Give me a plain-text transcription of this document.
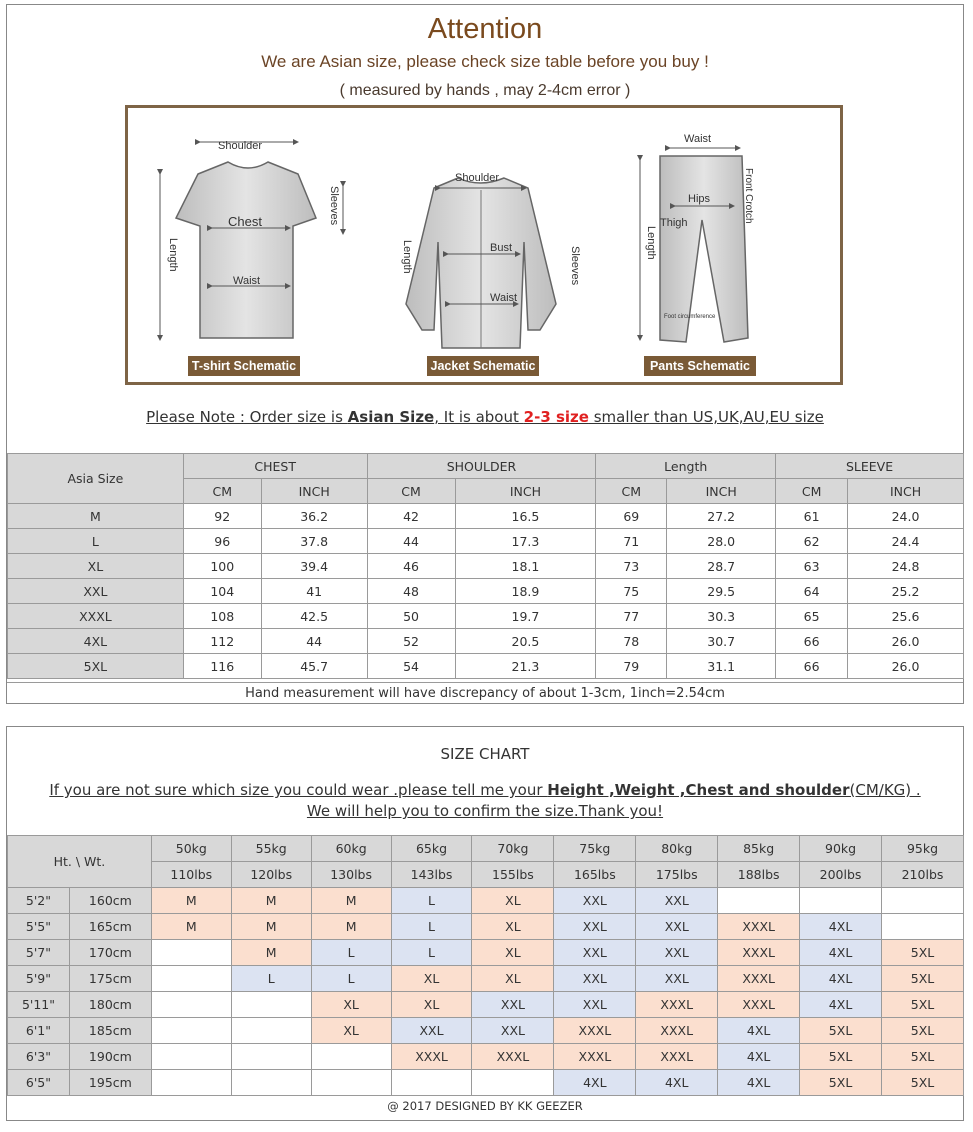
Attention
We are Asian size, please check size table before you buy !
( measured by hands , may 2-4cm error )
Shoulder
Chest
Waist
Length
Sleeves
T-shirt Schematic
Shoulder
Bust
Waist
Length	Sleeves
Jacket Schematic
Waist
Hips
Thigh
Length
Front Crotch
Foot circumference
Pants Schematic
Please Note : Order size is Asian Size, It is about 2-3 size smaller than US,UK,AU,EU size
Asia Size	CHEST		SHOULDER		Length		SLEEVE	
	CM	INCH	CM	INCH	CM	INCH	CM	INCH
M	92	36.2	42	16.5	69	27.2	61	24.0
L	96	37.8	44	17.3	71	28.0	62	24.4
XL	100	39.4	46	18.1	73	28.7	63	24.8
XXL	104	41	48	18.9	75	29.5	64	25.2
XXXL	108	42.5	50	19.7	77	30.3	65	25.6
4XL	112	44	52	20.5	78	30.7	66	26.0
5XL	116	45.7	54	21.3	79	31.1	66	26.0
Hand measurement will have discrepancy of about 1-3cm, 1inch=2.54cm
SIZE CHART
If you are not sure which size you could wear .please tell me your Height ,Weight ,Chest and shoulder(CM/KG) .
We will help you to confirm the size.Thank you!
Ht. \ Wt.		50kg	55kg	60kg	65kg	70kg	75kg	80kg	85kg	90kg	95kg
		110lbs	120lbs	130lbs	143lbs	155lbs	165lbs	175lbs	188lbs	200lbs	210lbs
5'2"	160cm	M	M	M	L	XL	XXL	XXL			
5'5"	165cm	M	M	M	L	XL	XXL	XXL	XXXL	4XL	
5'7"	170cm		M	L	L	XL	XXL	XXL	XXXL	4XL	5XL
5'9"	175cm		L	L	XL	XL	XXL	XXL	XXXL	4XL	5XL
5'11"	180cm			XL	XL	XXL	XXL	XXXL	XXXL	4XL	5XL
6'1"	185cm			XL	XXL	XXL	XXXL	XXXL	4XL	5XL	5XL
6'3"	190cm				XXXL	XXXL	XXXL	XXXL	4XL	5XL	5XL
6'5"	195cm						4XL	4XL	4XL	5XL	5XL
@ 2017 DESIGNED BY KK GEEZER
